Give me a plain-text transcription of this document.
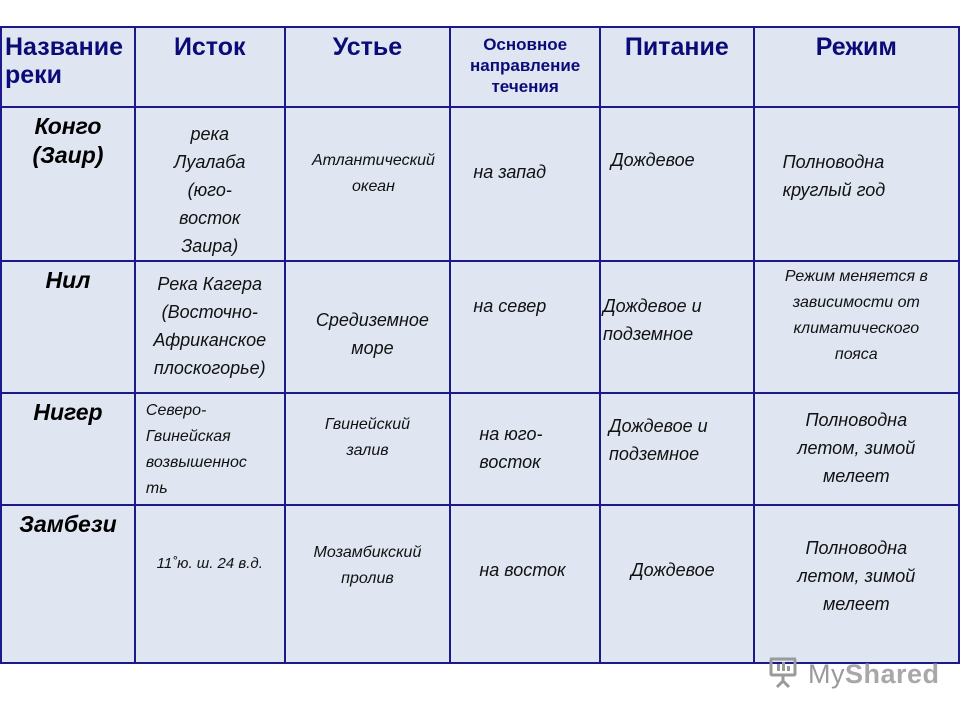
Название реки	Исток	Устье	Основное направление течения	Питание	Режим
Конго
(Заир)	река
Луалаба
(юго-
восток
Заира)	Атлантический
океан	на запад	Дождевое	Полноводна
круглый год
Нил	Река Кагера
(Восточно-
Африканское
плоскогорье)	Средиземное
море	на север	Дождевое и
подземное	Режим меняется в
зависимости от
климатического
пояса
Нигер	Северо-
Гвинейская
возвышеннос
ть	Гвинейский
залив	на юго-
восток	Дождевое и
подземное	Полноводна
летом, зимой
мелеет
Замбези	11˚ю. ш. 24 в.д.	Мозамбикский
пролив	на восток	Дождевое	Полноводна
летом, зимой
мелеет
MyShared
